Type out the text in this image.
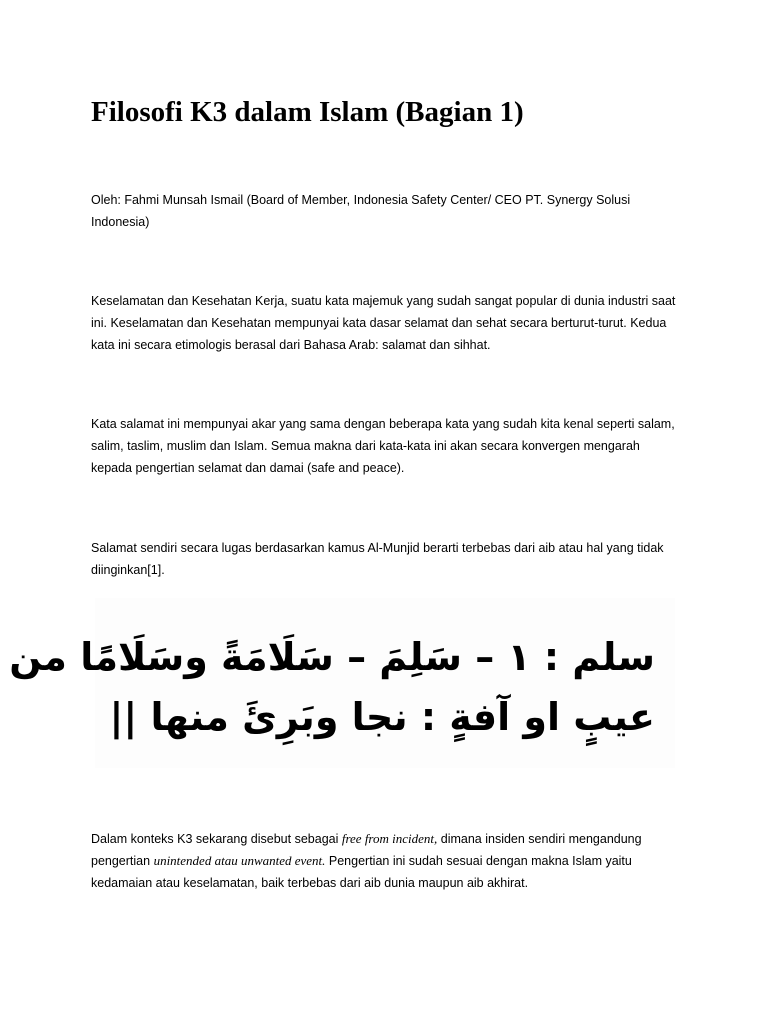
Filosofi K3 dalam Islam (Bagian 1)

Oleh: Fahmi Munsah Ismail (Board of Member, Indonesia Safety Center/ CEO PT. Synergy Solusi Indonesia)

Keselamatan dan Kesehatan Kerja, suatu kata majemuk yang sudah sangat popular di dunia industri saat ini. Keselamatan dan Kesehatan mempunyai kata dasar selamat dan sehat secara berturut-turut. Kedua kata ini secara etimologis berasal dari Bahasa Arab: salamat dan sihhat.

Kata salamat ini mempunyai akar yang sama dengan beberapa kata yang sudah kita kenal seperti salam, salim, taslim, muslim dan Islam. Semua makna dari kata-kata ini akan secara konvergen mengarah kepada pengertian selamat dan damai (safe and peace).

Salamat sendiri secara lugas berdasarkan kamus Al-Munjid berarti terbebas dari aib atau hal yang tidak diinginkan[1].

سلم : ١ – سَلِمَ – سَلَامَةً وسَلَامًا من
عيبٍ او آفةٍ : نجا وبَرِئَ منها ||

Dalam konteks K3 sekarang disebut sebagai free from incident, dimana insiden sendiri mengandung pengertian unintended atau unwanted event. Pengertian ini sudah sesuai dengan makna Islam yaitu kedamaian atau keselamatan, baik terbebas dari aib dunia maupun aib akhirat.
